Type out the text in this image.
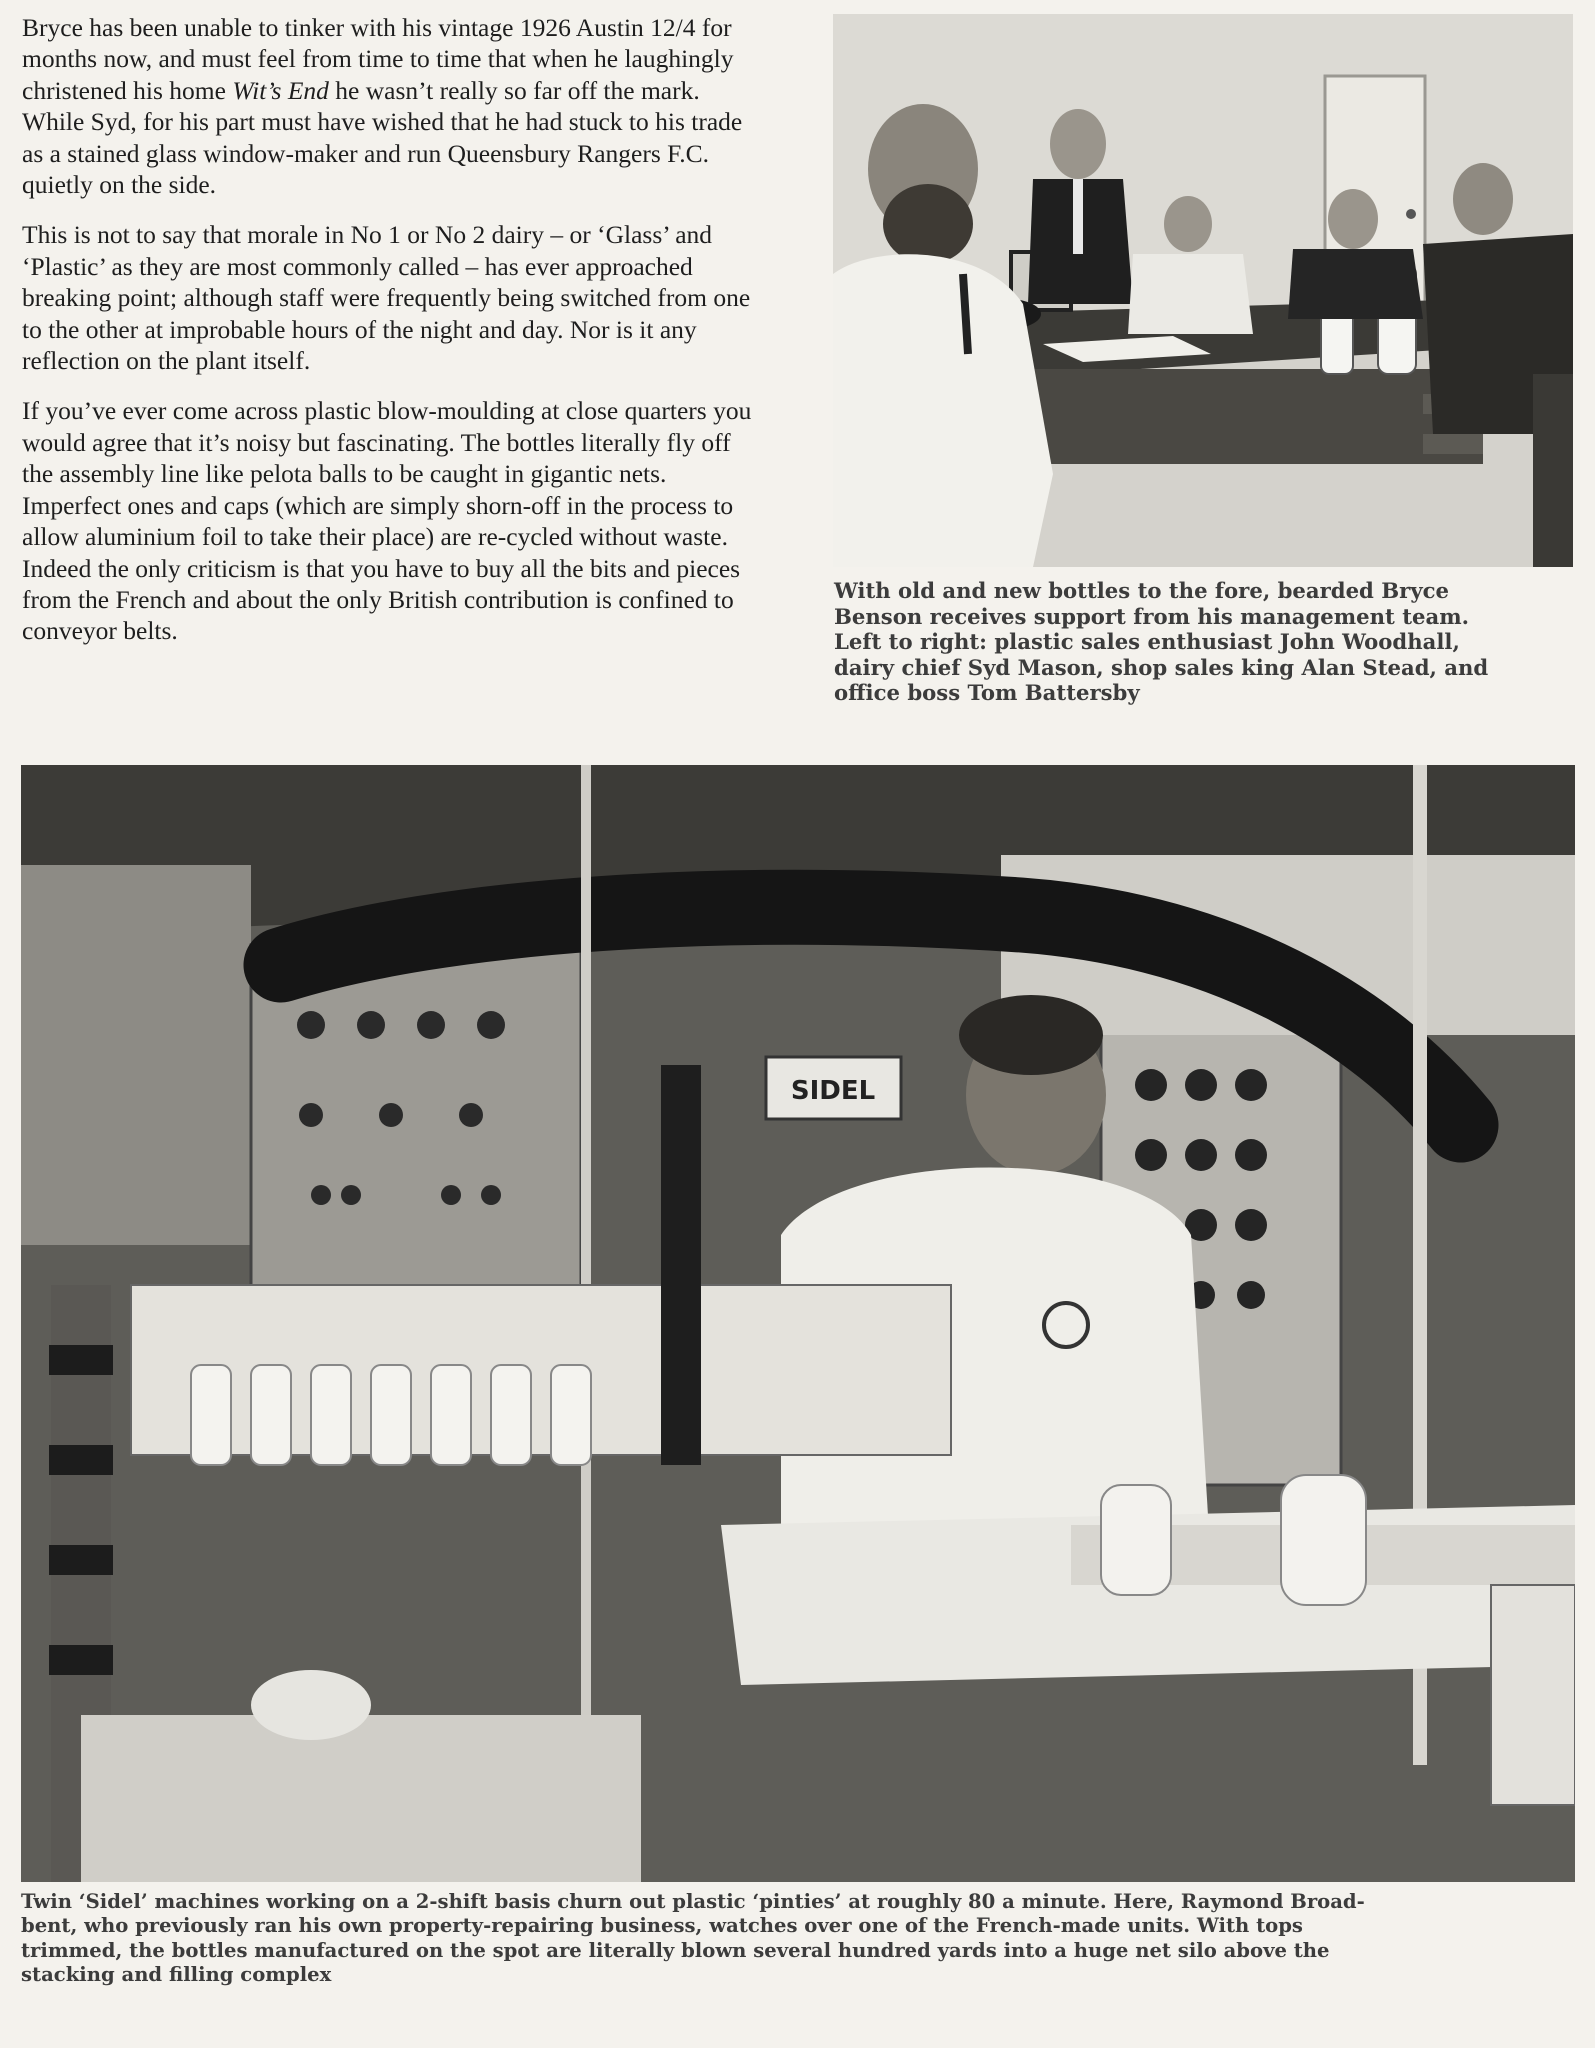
Bryce has been unable to tinker with his vintage 1926 Austin 12/4 for months now, and must feel from time to time that when he laughingly christened his home Wit’s End he wasn’t really so far off the mark. While Syd, for his part must have wished that he had stuck to his trade as a stained glass window-maker and run Queensbury Rangers F.C. quietly on the side.

This is not to say that morale in No 1 or No 2 dairy – or ‘Glass’ and ‘Plastic’ as they are most commonly called – has ever approached breaking point; although staff were frequently being switched from one to the other at improbable hours of the night and day. Nor is it any reflection on the plant itself.

If you’ve ever come across plastic blow-moulding at close quarters you would agree that it’s noisy but fascinating. The bottles literally fly off the assembly line like pelota balls to be caught in gigantic nets. Imperfect ones and caps (which are simply shorn-off in the process to allow aluminium foil to take their place) are re-cycled without waste. Indeed the only criticism is that you have to buy all the bits and pieces from the French and about the only British contribution is confined to conveyor belts.

With old and new bottles to the fore, bearded Bryce
Benson receives support from his management team.
Left to right: plastic sales enthusiast John Woodhall,
dairy chief Syd Mason, shop sales king Alan Stead, and
office boss Tom Battersby
SIDEL
Twin ‘Sidel’ machines working on a 2-shift basis churn out plastic ‘pinties’ at roughly 80 a minute. Here, Raymond Broad-
bent, who previously ran his own property-repairing business, watches over one of the French-made units. With tops
trimmed, the bottles manufactured on the spot are literally blown several hundred yards into a huge net silo above the
stacking and filling complex
